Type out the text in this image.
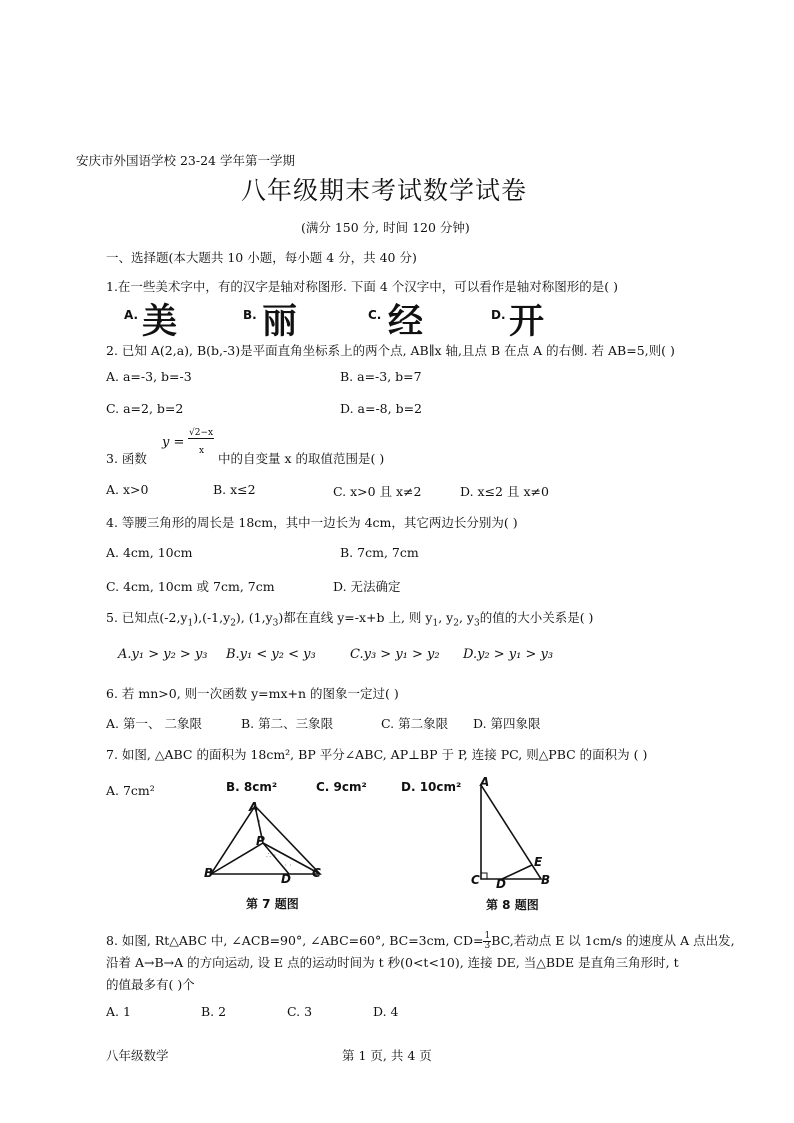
安庆市外国语学校 23-24 学年第一学期
八年级期末考试数学试卷
(满分 150 分, 时间 120 分钟)
一、选择题(本大题共 10 小题，每小题 4 分，共 40 分)
1.在一些美术字中，有的汉字是轴对称图形. 下面 4 个汉字中，可以看作是轴对称图形的是( )
A. 美	B. 丽	C. 经	D. 开
2. 已知 A(2,a), B(b,-3)是平面直角坐标系上的两个点, AB∥x 轴,且点 B 在点 A 的右侧. 若 AB=5,则( )
A. a=-3, b=-3	B. a=-3, b=7
C. a=2, b=2	D. a=-8, b=2
3. 函数
y =
√2−x
x 中的自变量 x 的取值范围是( )
A. x>0	B. x≤2	C. x>0 且 x≠2	D. x≤2 且 x≠0
4. 等腰三角形的周长是 18cm，其中一边长为 4cm，其它两边长分别为( )
A. 4cm, 10cm	B. 7cm, 7cm
C. 4cm, 10cm 或 7cm, 7cm	D. 无法确定
5. 已知点$(-2,y_1),(-1,y_2)$, $(1,y_3)$都在直线 y=-x+b 上, 则 $y_1$, $y_2$, $y_3$的值的大小关系是( )
A.y₁ > y₂ > y₃ B.y₁ < y₂ < y₃	C.y₃ > y₁ > y₂ D.y₂ > y₁ > y₃
6. 若 mn>0, 则一次函数 y=mx+n 的图象一定过( )
A. 第一、 二象限	B. 第二、三象限	C. 第二象限 D. 第四象限
7. 如图, △ABC 的面积为 18cm², BP 平分∠ABC, AP⊥BP 于 P, 连接 PC, 则△PBC 的面积为 ( )
A. 7cm²	B. 8cm²	C. 9cm²	D. 10cm²
·
∴ ·
· ·
A
P
B	D C
第 7 题图
A
E
C D	B
第 8 题图
8. 如图, Rt△ABC 中, ∠ACB=90°, ∠ABC=60°, BC=3cm, $CD= \frac{1}{3}$ BC,若动点 E 以 1cm/s 的速度从 A 点出发,
沿着 A→B→A 的方向运动, 设 E 点的运动时间为 t 秒(0<t<10), 连接 DE, 当△BDE 是直角三角形时, t
的值最多有( )个
A. 1	B. 2	C. 3	D. 4
八年级数学	第 1 页, 共 4 页
